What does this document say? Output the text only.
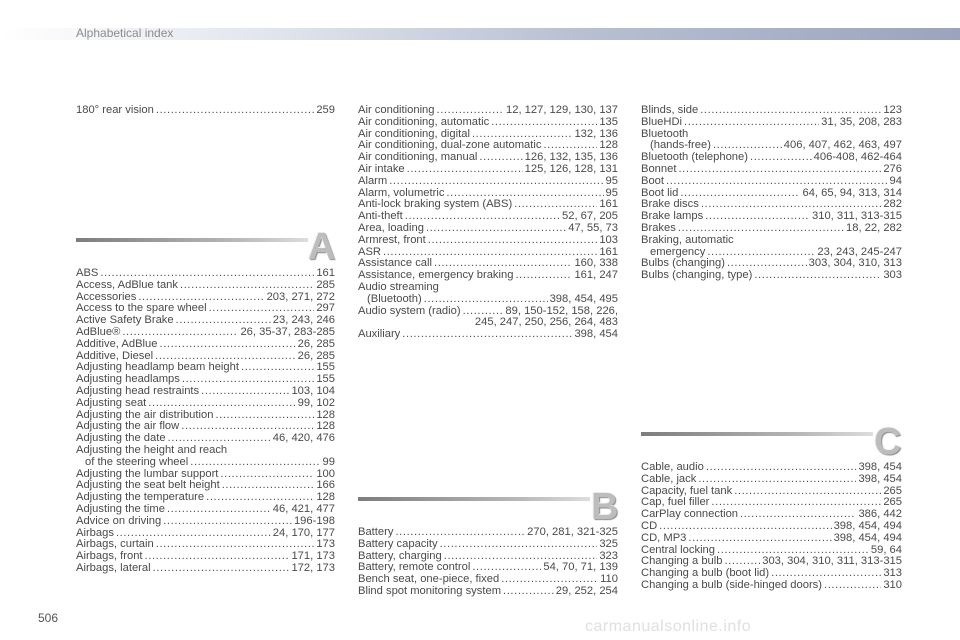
Alphabetical index
180° rear vision .....	259
A
ABS .....	161
Access, AdBlue tank .....	285
Accessories .....	203, 271, 272
Access to the spare wheel .....	297
Active Safety Brake .....	23, 243, 246
AdBlue® .....	26, 35-37, 283-285
Additive, AdBlue .....	26, 285
Additive, Diesel .....	26, 285
Adjusting headlamp beam height .....	155
Adjusting headlamps .....	155
Adjusting head restraints .....	103, 104
Adjusting seat .....	99, 102
Adjusting the air distribution .....	128
Adjusting the air flow .....	128
Adjusting the date .....	46, 420, 476
Adjusting the height and reach
of the steering wheel .....	99
Adjusting the lumbar support .....	100
Adjusting the seat belt height .....	166
Adjusting the temperature .....	128
Adjusting the time .....	46, 421, 477
Advice on driving .....	196-198
Airbags .....	24, 170, 177
Airbags, curtain .....	173
Airbags, front .....	171, 173
Airbags, lateral .....	172, 173
Air conditioning .....	12, 127, 129, 130, 137
Air conditioning, automatic .....	135
Air conditioning, digital .....	132, 136
Air conditioning, dual-zone automatic .....	128
Air conditioning, manual .....	126, 132, 135, 136
Air intake .....	125, 126, 128, 131
Alarm .....	95
Alarm, volumetric .....	95
Anti-lock braking system (ABS) .....	161
Anti-theft .....	52, 67, 205
Area, loading .....	47, 55, 73
Armrest, front .....	103
ASR .....	161
Assistance call .....	160, 338
Assistance, emergency braking .....	161, 247
Audio streaming
(Bluetooth) .....	398, 454, 495
Audio system (radio) .....	89, 150-152, 158, 226,
245, 247, 250, 256, 264, 483
Auxiliary .....	398, 454
B
Battery .....	270, 281, 321-325
Battery capacity .....	325
Battery, charging .....	323
Battery, remote control .....	54, 70, 71, 139
Bench seat, one-piece, fixed .....	110
Blind spot monitoring system .....	29, 252, 254
Blinds, side .....	123
BlueHDi .....	31, 35, 208, 283
Bluetooth
(hands-free) .....	406, 407, 462, 463, 497
Bluetooth (telephone) .....	406-408, 462-464
Bonnet .....	276
Boot .....	94
Boot lid .....	64, 65, 94, 313, 314
Brake discs .....	282
Brake lamps .....	310, 311, 313-315
Brakes .....	18, 22, 282
Braking, automatic
emergency .....	23, 243, 245-247
Bulbs (changing) .....	303, 304, 310, 313
Bulbs (changing, type) .....	303
C
Cable, audio .....	398, 454
Cable, jack .....	398, 454
Capacity, fuel tank .....	265
Cap, fuel filler .....	265
CarPlay connection .....	386, 442
CD .....	398, 454, 494
CD, MP3 .....	398, 454, 494
Central locking .....	59, 64
Changing a bulb .....	303, 304, 310, 311, 313-315
Changing a bulb (boot lid) .....	313
Changing a bulb (side-hinged doors) .....	310
506	carmanualsonline.info
